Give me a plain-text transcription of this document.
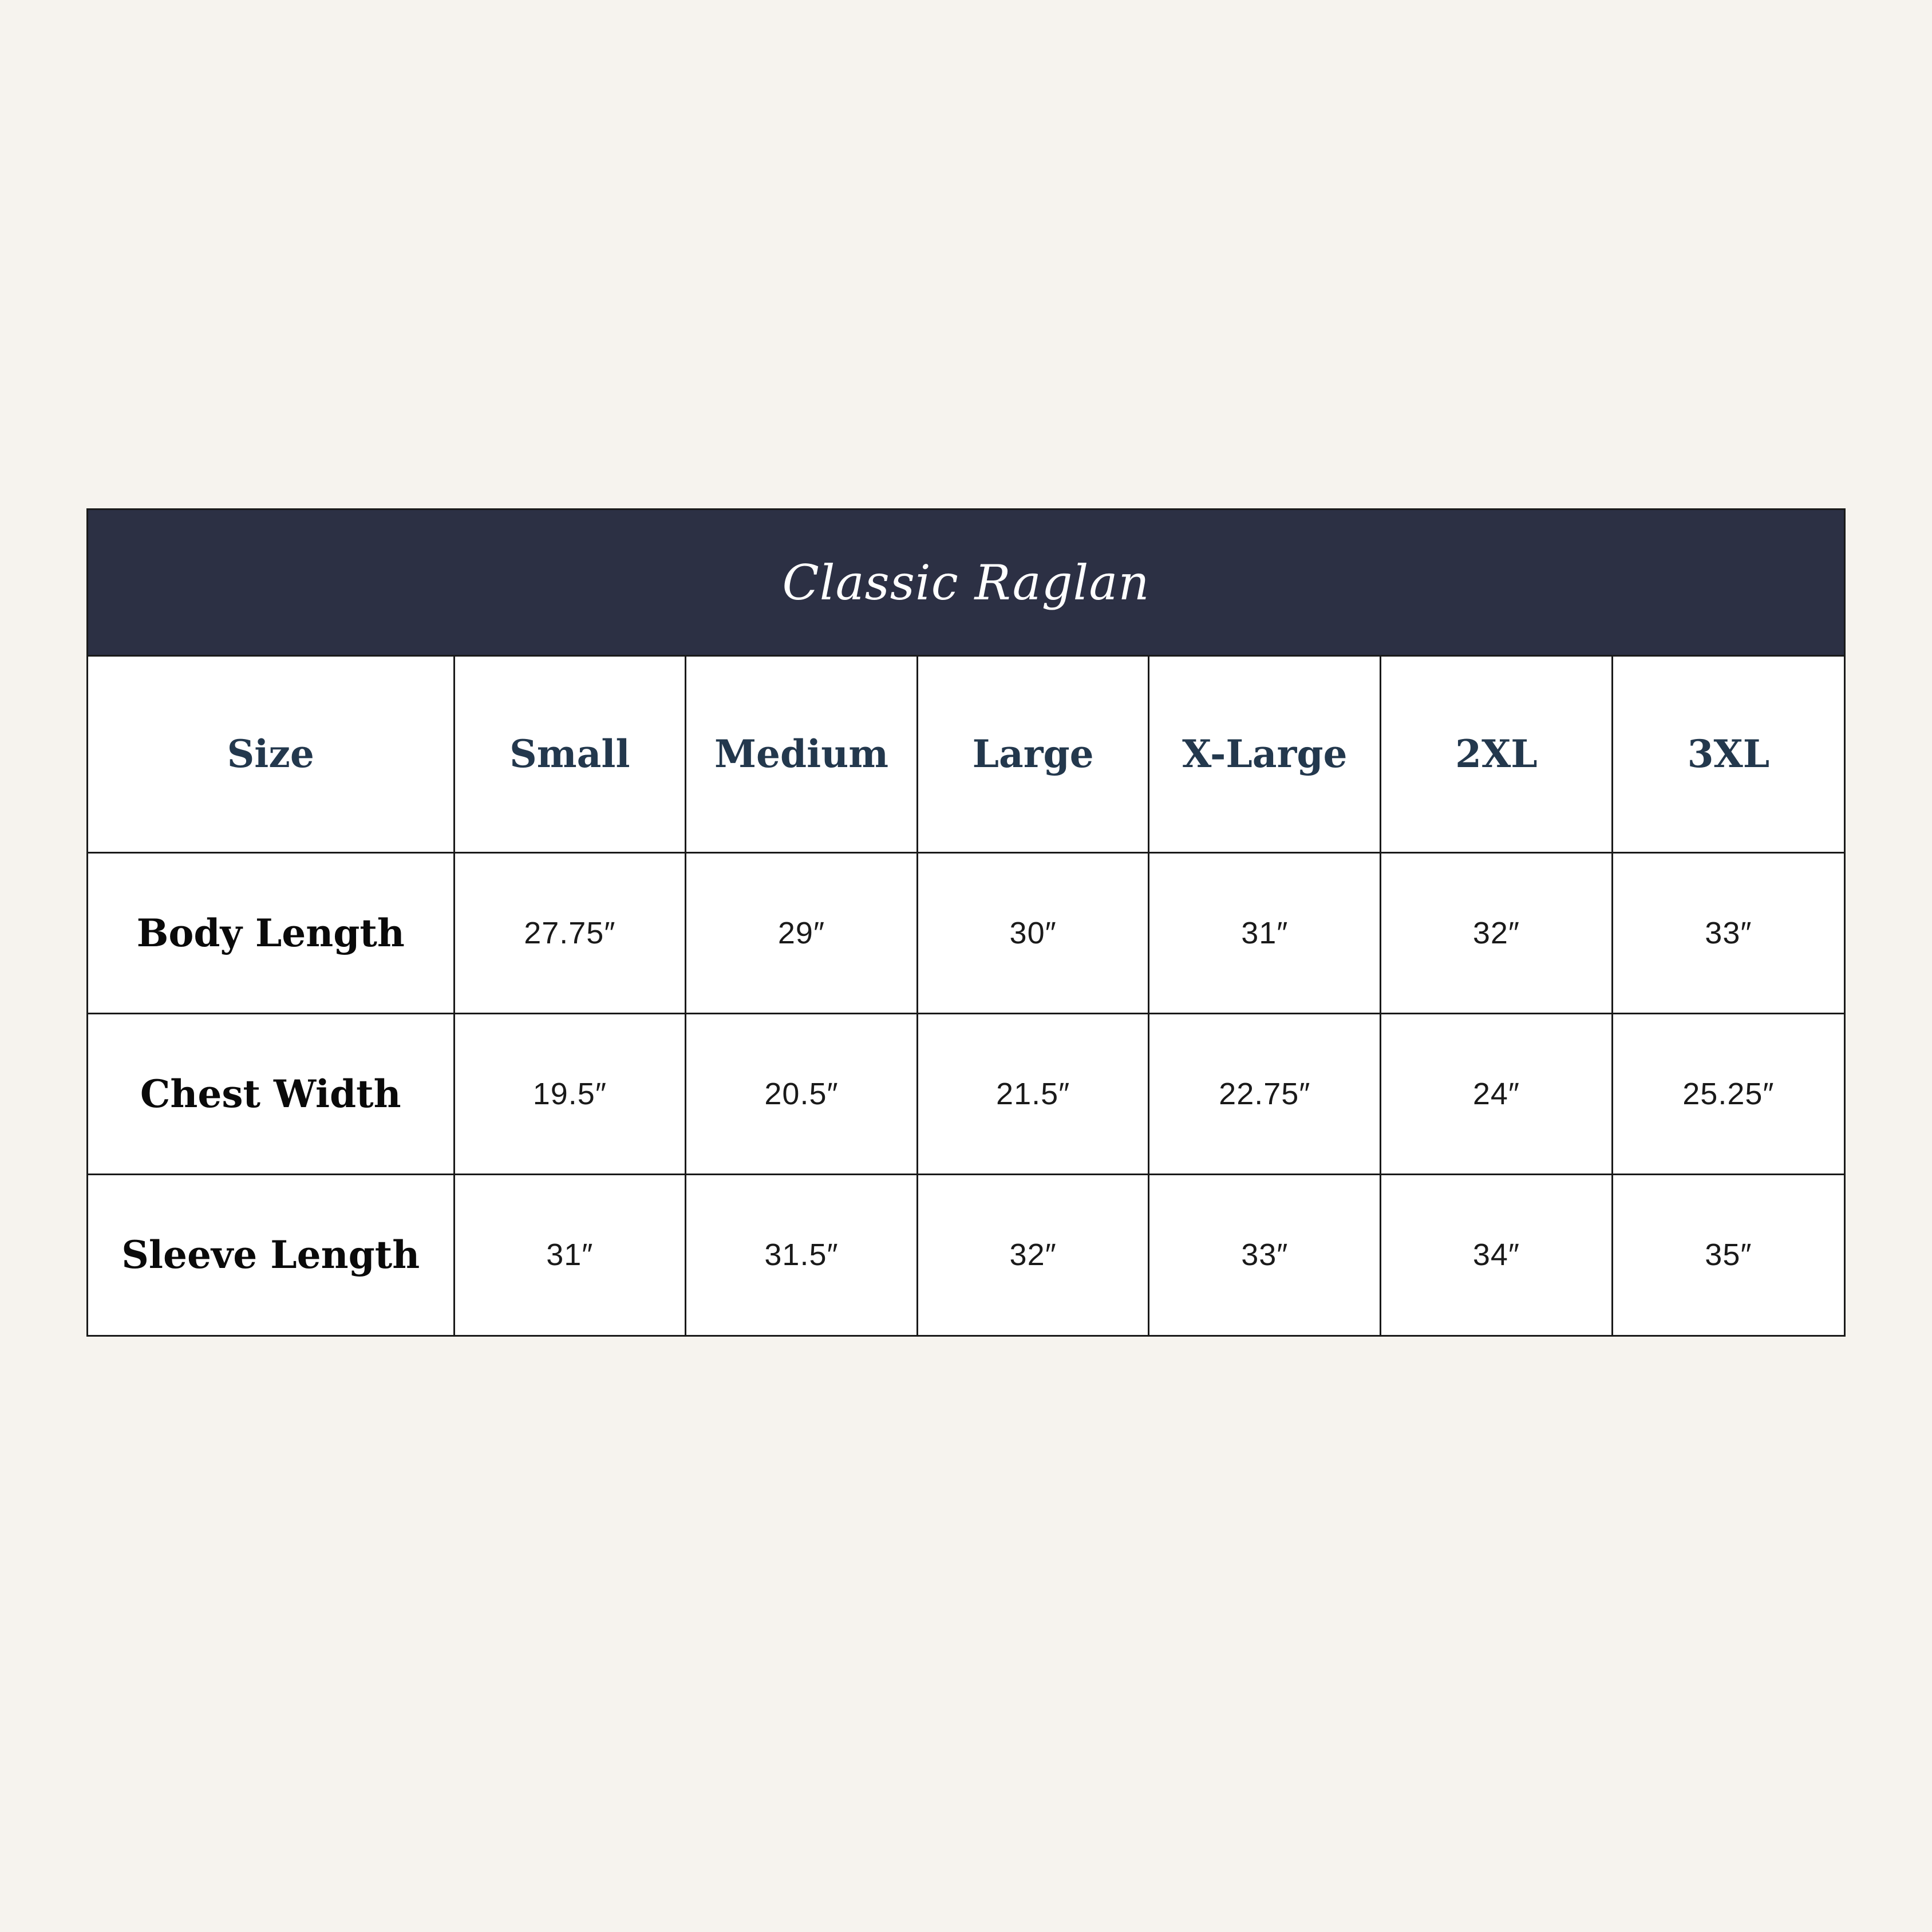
Classic Raglan
Size	Small	Medium	Large	X-Large	2XL	3XL
Body Length	27.75″	29″	30″	31″	32″	33″
Chest Width	19.5″	20.5″	21.5″	22.75″	24″	25.25″
Sleeve Length	31″	31.5″	32″	33″	34″	35″
